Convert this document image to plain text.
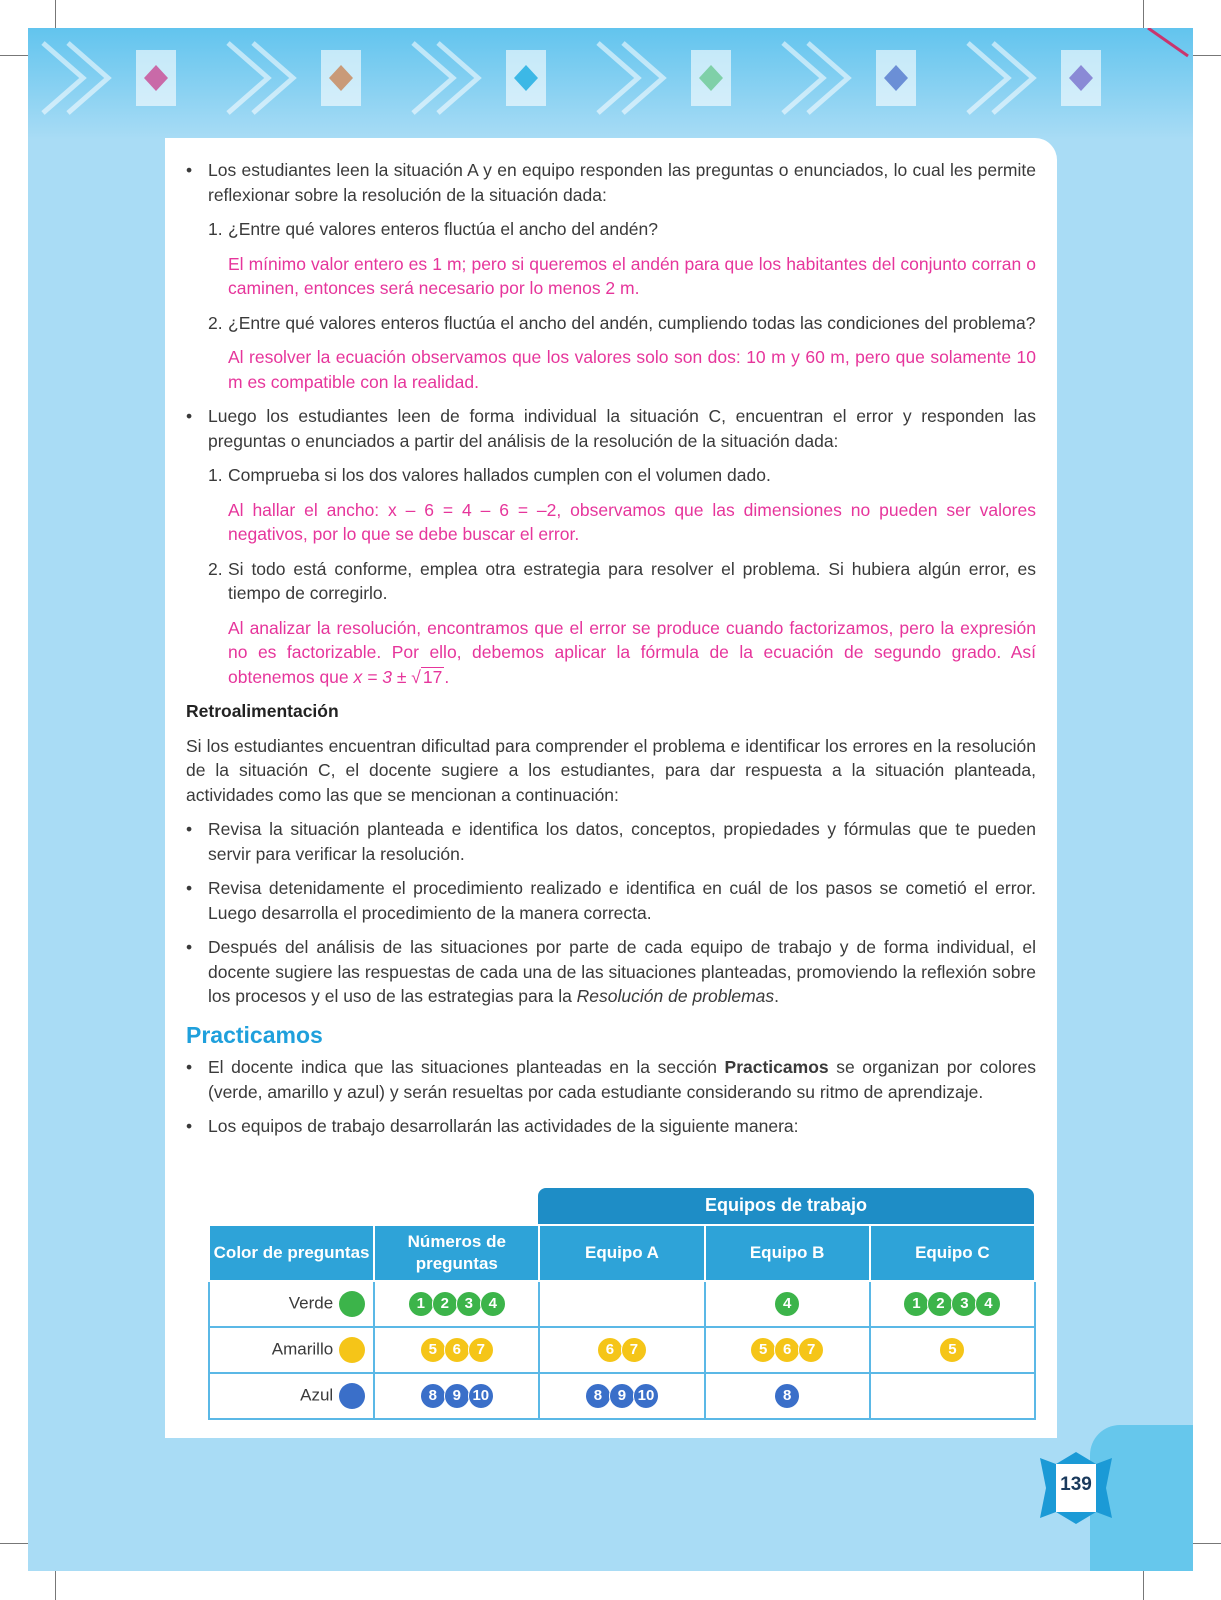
• Los estudiantes leen la situación A y en equipo responden las preguntas o enunciados, lo cual les permite reflexionar sobre la resolución de la situación dada:
1. ¿Entre qué valores enteros fluctúa el ancho del andén?
El mínimo valor entero es 1 m; pero si queremos el andén para que los habitantes del conjunto corran o caminen, entonces será necesario por lo menos 2 m.
2. ¿Entre qué valores enteros fluctúa el ancho del andén, cumpliendo todas las condiciones del problema?
Al resolver la ecuación observamos que los valores solo son dos: 10 m y 60 m, pero que solamente 10 m es compatible con la realidad.
• Luego los estudiantes leen de forma individual la situación C, encuentran el error y responden las preguntas o enunciados a partir del análisis de la resolución de la situación dada:
1. Comprueba si los dos valores hallados cumplen con el volumen dado.
Al hallar el ancho: x – 6 = 4 – 6 = –2, observamos que las dimensiones no pueden ser valores negativos, por lo que se debe buscar el error.
2. Si todo está conforme, emplea otra estrategia para resolver el problema. Si hubiera algún error, es tiempo de corregirlo.
Al analizar la resolución, encontramos que el error se produce cuando factorizamos, pero la expresión no es factorizable. Por ello, debemos aplicar la fórmula de la ecuación de segundo grado. Así obtenemos que x = 3 ± √ 17 .
Retroalimentación
Si los estudiantes encuentran dificultad para comprender el problema e identificar los errores en la resolución de la situación C, el docente sugiere a los estudiantes, para dar respuesta a la situación planteada, actividades como las que se mencionan a continuación:
• Revisa la situación planteada e identifica los datos, conceptos, propiedades y fórmulas que te pueden servir para verificar la resolución.
• Revisa detenidamente el procedimiento realizado e identifica en cuál de los pasos se cometió el error. Luego desarrolla el procedimiento de la manera correcta.
• Después del análisis de las situaciones por parte de cada equipo de trabajo y de forma individual, el docente sugiere las respuestas de cada una de las situaciones planteadas, promoviendo la reflexión sobre los procesos y el uso de las estrategias para la Resolución de problemas.
Practicamos
• El docente indica que las situaciones planteadas en la sección Practicamos se organizan por colores (verde, amarillo y azul) y serán resueltas por cada estudiante considerando su ritmo de aprendizaje.
• Los equipos de trabajo desarrollarán las actividades de la siguiente manera:
Equipos de trabajo
Color de preguntas	Números de preguntas	Equipo A	Equipo B	Equipo C
Verde	1 2 3 4		4	1 2 3 4
Amarillo	5 6 7	6 7	5 6 7	5
Azul	8 9 10	8 9 10	8	
139
